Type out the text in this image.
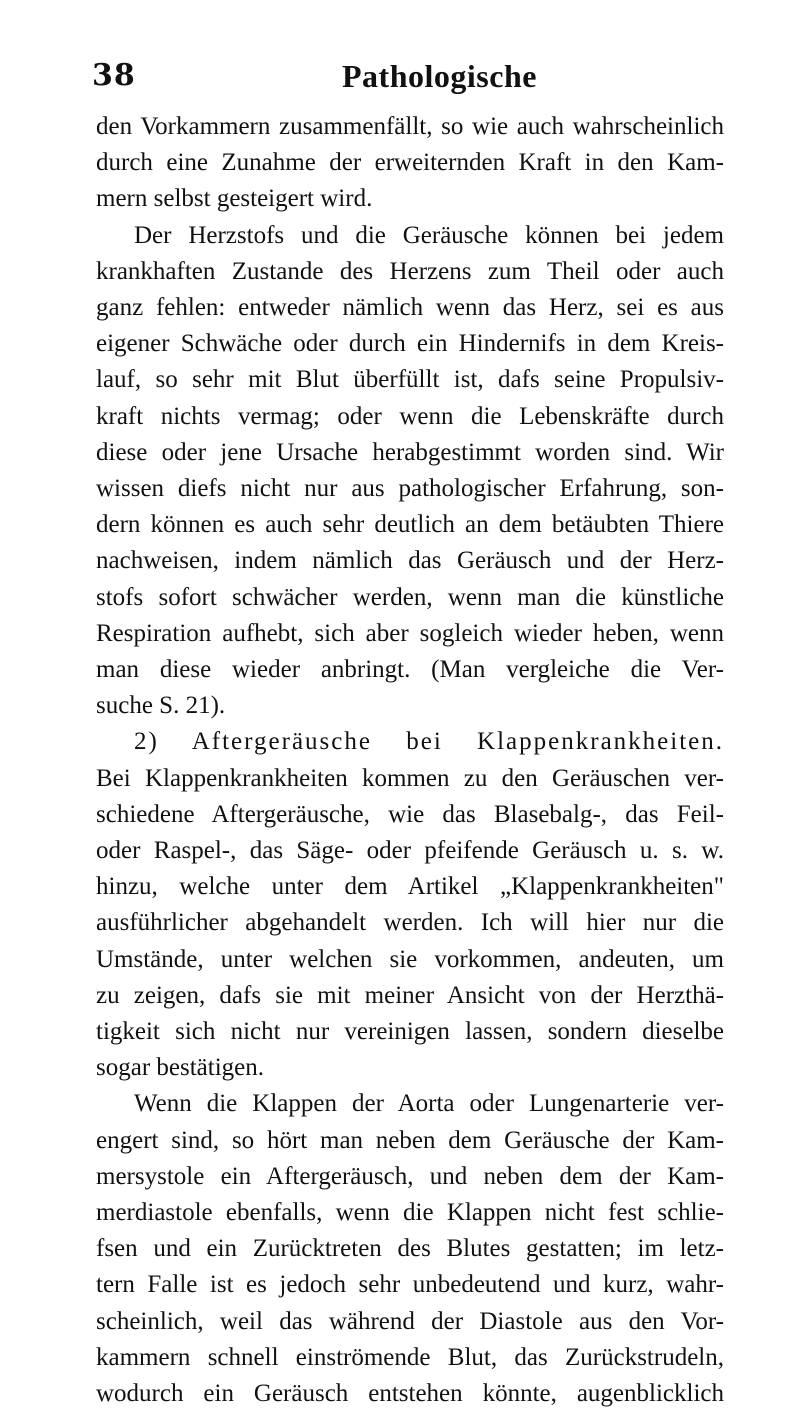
38	Pathologische
den Vorkammern zusammenfällt, so wie auch wahrscheinlich
durch eine Zunahme der erweiternden Kraft in den Kam-
mern selbst gesteigert wird.
Der Herzstofs und die Geräusche können bei jedem
krankhaften Zustande des Herzens zum Theil oder auch
ganz fehlen: entweder nämlich wenn das Herz, sei es aus
eigener Schwäche oder durch ein Hindernifs in dem Kreis-
lauf, so sehr mit Blut überfüllt ist, dafs seine Propulsiv-
kraft nichts vermag; oder wenn die Lebenskräfte durch
diese oder jene Ursache herabgestimmt worden sind. Wir
wissen diefs nicht nur aus pathologischer Erfahrung, son-
dern können es auch sehr deutlich an dem betäubten Thiere
nachweisen, indem nämlich das Geräusch und der Herz-
stofs sofort schwächer werden, wenn man die künstliche
Respiration aufhebt, sich aber sogleich wieder heben, wenn
man diese wieder anbringt. (Man vergleiche die Ver-
suche S. 21).
2) Aftergeräusche bei Klappenkrankheiten.
Bei Klappenkrankheiten kommen zu den Geräuschen ver-
schiedene Aftergeräusche, wie das Blasebalg-, das Feil-
oder Raspel-, das Säge- oder pfeifende Geräusch u. s. w.
hinzu, welche unter dem Artikel „Klappenkrankheiten"
ausführlicher abgehandelt werden. Ich will hier nur die
Umstände, unter welchen sie vorkommen, andeuten, um
zu zeigen, dafs sie mit meiner Ansicht von der Herzthä-
tigkeit sich nicht nur vereinigen lassen, sondern dieselbe
sogar bestätigen.
Wenn die Klappen der Aorta oder Lungenarterie ver-
engert sind, so hört man neben dem Geräusche der Kam-
mersystole ein Aftergeräusch, und neben dem der Kam-
merdiastole ebenfalls, wenn die Klappen nicht fest schlie-
fsen und ein Zurücktreten des Blutes gestatten; im letz-
tern Falle ist es jedoch sehr unbedeutend und kurz, wahr-
scheinlich, weil das während der Diastole aus den Vor-
kammern schnell einströmende Blut, das Zurückstrudeln,
wodurch ein Geräusch entstehen könnte, augenblicklich
